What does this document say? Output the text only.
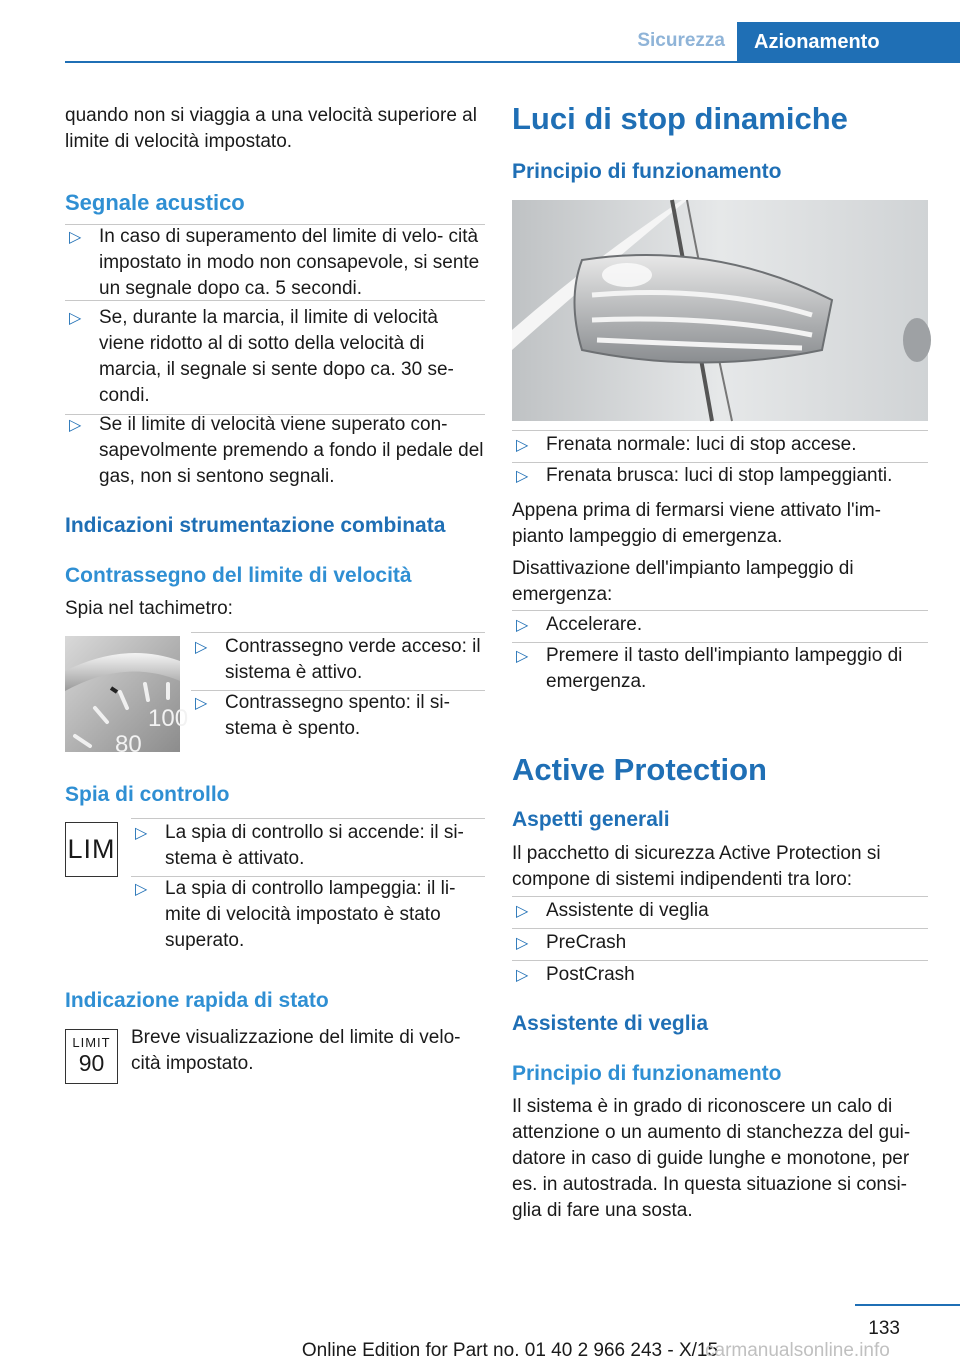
Sicurezza	Azionamento

quando non si viaggia a una velocità superiore al limite di velocità impostato.

Segnale acustico
▷ In caso di superamento del limite di velo‐ cità impostato in modo non consapevole, si sente un segnale dopo ca. 5 secondi.
▷ Se, durante la marcia, il limite di velocità viene ridotto al di sotto della velocità di marcia, il segnale si sente dopo ca. 30 se‐ condi.
▷ Se il limite di velocità viene superato con‐ sapevolmente premendo a fondo il pedale del gas, non si sentono segnali.
Indicazioni strumentazione combinata
Contrassegno del limite di velocità
Spia nel tachimetro:
100
80
▷ Contrassegno verde acceso: il sistema è attivo.
▷ Contrassegno spento: il si‐ stema è spento.
Spia di controllo
LIM
▷ La spia di controllo si accende: il si‐ stema è attivato.
▷ La spia di controllo lampeggia: il li‐ mite di velocità impostato è stato superato.
Indicazione rapida di stato
LIMIT
90

Breve visualizzazione del limite di velo‐ cità impostato.

Luci di stop dinamiche
Principio di funzionamento
▷ Frenata normale: luci di stop accese.
▷ Frenata brusca: luci di stop lampeggianti.

Appena prima di fermarsi viene attivato l'im‐ pianto lampeggio di emergenza.

Disattivazione dell'impianto lampeggio di emergenza:

▷ Accelerare.
▷ Premere il tasto dell'impianto lampeggio di emergenza.
Active Protection
Aspetti generali

Il pacchetto di sicurezza Active Protection si compone di sistemi indipendenti tra loro:

▷ Assistente di veglia
▷ PreCrash
▷ PostCrash
Assistente di veglia
Principio di funzionamento

Il sistema è in grado di riconoscere un calo di attenzione o un aumento di stanchezza del gui‐ datore in caso di guide lunghe e monotone, per es. in autostrada. In questa situazione si consi‐ glia di fare una sosta.

133
Online Edition for Part no. 01 40 2 966 243 - X/15
carmanualsonline.info
